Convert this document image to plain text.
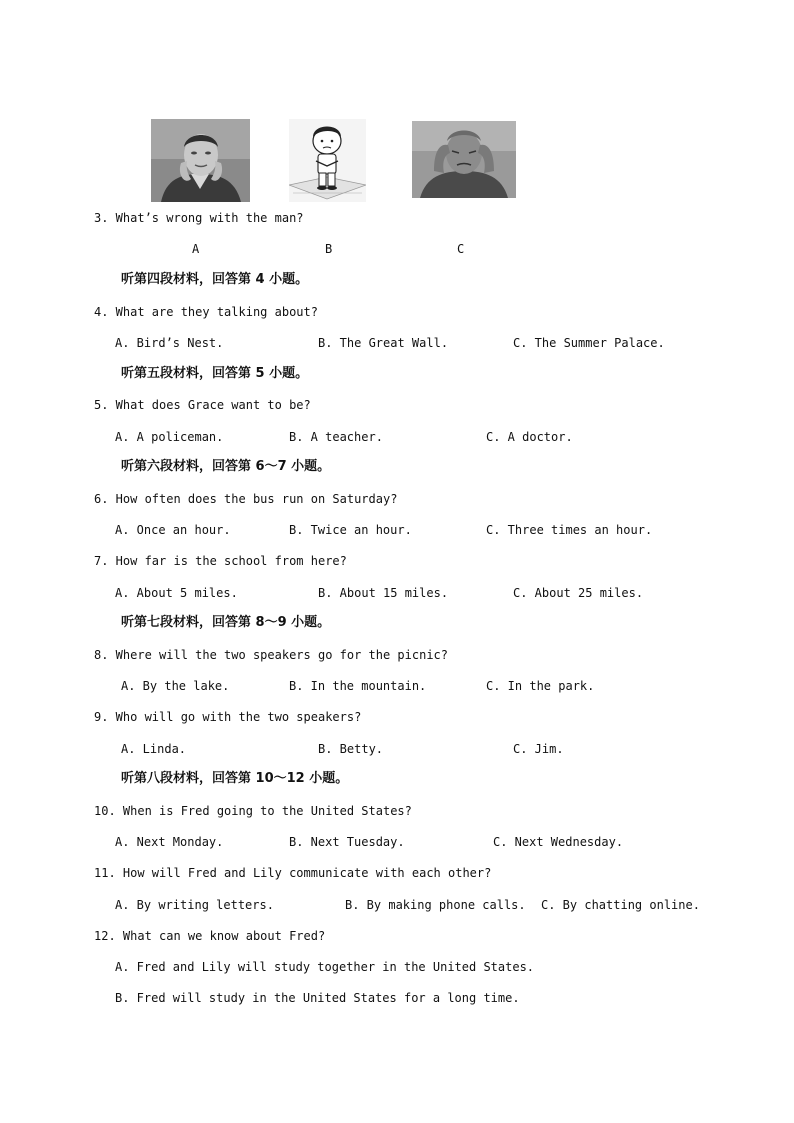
3. What’s wrong with the man?
A	B	C
听第四段材料，回答第 4 小题。
4. What are they talking about?
A. Bird’s Nest.	B. The Great Wall.	C. The Summer Palace.
听第五段材料，回答第 5 小题。
5. What does Grace want to be?
A. A policeman.	B. A teacher.	C. A doctor.
听第六段材料，回答第 6～7 小题。
6. How often does the bus run on Saturday?
A. Once an hour.	B. Twice an hour.	C. Three times an hour.
7. How far is the school from here?
A. About 5 miles.	B. About 15 miles.	C. About 25 miles.
听第七段材料，回答第 8～9 小题。
8. Where will the two speakers go for the picnic?
A. By the lake.	B. In the mountain.	C. In the park.
9. Who will go with the two speakers?
A. Linda.	B. Betty.	C. Jim.
听第八段材料，回答第 10～12 小题。
10. When is Fred going to the United States?
A. Next Monday.	B. Next Tuesday.	C. Next Wednesday.
11. How will Fred and Lily communicate with each other?
A. By writing letters.	B. By making phone calls. C. By chatting online.
12. What can we know about Fred?
A. Fred and Lily will study together in the United States.
B. Fred will study in the United States for a long time.
